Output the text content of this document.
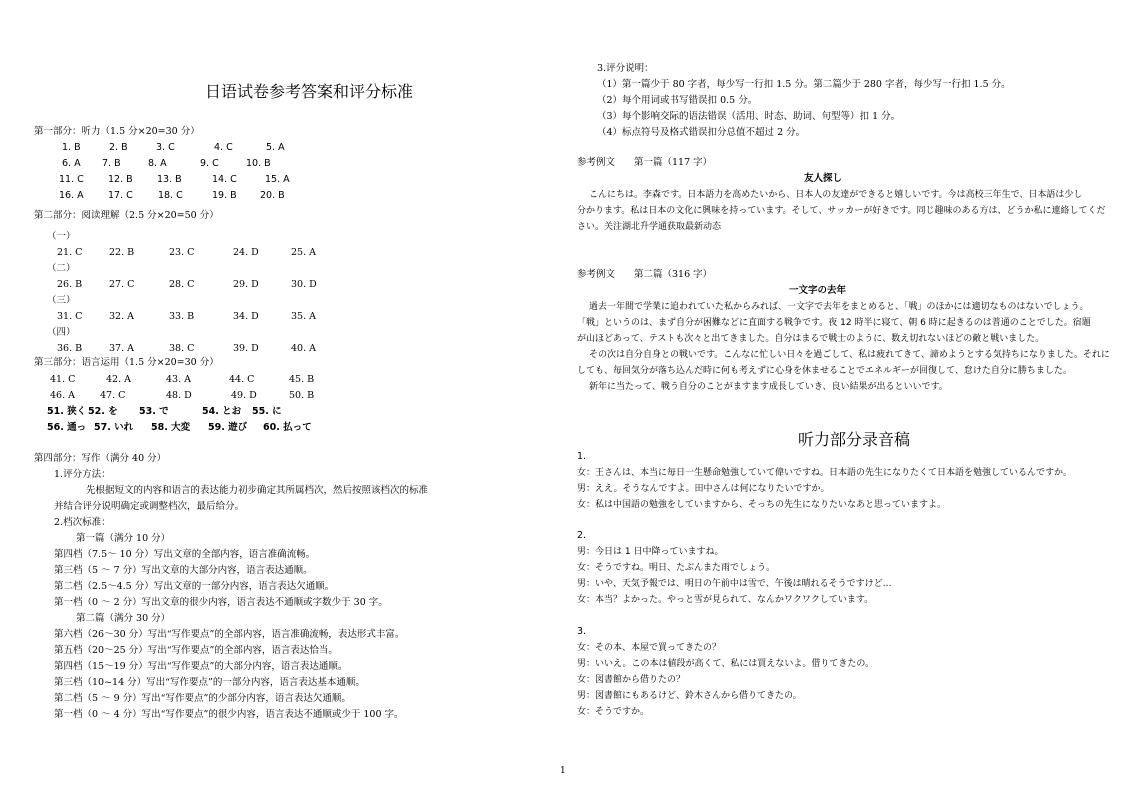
日语试卷参考答案和评分标准
第一部分：听力（1.5 分×20=30 分）
1. B	2. B	3. C	4. C	5. A
6. A 7. B	8. A	9. C	10. B
11. C	12. B	13. B	14. C	15. A
16. A	17. C	18. C	19. B 20. B
第二部分：阅读理解（2.5 分×20=50 分）
（一）
21. C	22. B	23. C	24. D	25. A
（二）
26. B	27. C	28. C	29. D	30. D
（三）
31. C	32. A	33. B	34. D	35. A
（四）
36. B	37. A	38. C	39. D	40. A
第三部分：语言运用（1.5 分×20=30 分）
41. C	42. A	43. A	44. C	45. B
46. A	47. C	48. D	49. D	50. B
51. 狭く 52. を 53. で	54. とお 55. に
56. 通っ 57. いれ 58. 大変 59. 遊び 60. 払って
第四部分：写作（满分 40 分）
1.评分方法：
先根据短文的内容和语言的表达能力初步确定其所属档次，然后按照该档次的标准
并结合评分说明确定或调整档次，最后给分。
2.档次标准：
第一篇（满分 10 分）
第四档（7.5～ 10 分）写出文章的全部内容，语言准确流畅。
第三档（5 ～ 7 分）写出文章的大部分内容，语言表达通顺。
第二档（2.5～4.5 分）写出文章的一部分内容，语言表达欠通顺。
第一档（0 ～ 2 分）写出文章的很少内容，语言表达不通顺或字数少于 30 字。
第二篇（满分 30 分）
第六档（26～30 分）写出“写作要点”的全部内容，语言准确流畅，表达形式丰富。
第五档（20～25 分）写出“写作要点”的全部内容，语言表达恰当。
第四档（15～19 分）写出“写作要点”的大部分内容，语言表达通顺。
第三档（10~14 分）写出“写作要点”的一部分内容，语言表达基本通顺。
第二档（5 ～ 9 分）写出“写作要点”的少部分内容，语言表达欠通顺。
第一档（0 ～ 4 分）写出“写作要点”的很少内容，语言表达不通顺或少于 100 字。
3.评分说明：
（1）第一篇少于 80 字者，每少写一行扣 1.5 分。第二篇少于 280 字者，每少写一行扣 1.5 分。
（2）每个用词或书写错误扣 0.5 分。
（3）每个影响交际的语法错误（活用、时态、助词、句型等）扣 1 分。
（4）标点符号及格式错误扣分总值不超过 2 分。
参考例文　　第一篇（117 字）
友人探し
こんにちは。李森です。日本語力を高めたいから、日本人の友達ができると嬉しいです。今は高校三年生で、日本語は少し
分かります。私は日本の文化に興味を持っています。そして、サッカーが好きです。同じ趣味のある方は、どうか私に連絡してくだ
さい。关注湖北升学通获取最新动态
参考例文　　第二篇（316 字）
一文字の去年
過去一年間で学業に追われていた私からみれば、一文字で去年をまとめると、「戦」のほかには適切なものはないでしょう。
「戦」というのは、まず自分が困難などに直面する戦争です。夜 12 時半に寝て、朝 6 時に起きるのは普通のことでした。宿題
が山ほどあって、テストも次々と出てきました。自分はまるで戦士のように、数え切れないほどの敵と戦いました。
その次は自分自身との戦いです。こんなに忙しい日々を過ごして、私は疲れてきて、諦めようとする気持ちになりました。それに
しても、毎回気分が落ち込んだ時に何も考えずに心身を休ませることでエネルギーが回復して、怠けた自分に勝ちました。
新年に当たって、戦う自分のことがますます成長していき、良い結果が出るといいです。
听力部分录音稿
1.
女：王さんは、本当に毎日一生懸命勉強していて偉いですね。日本語の先生になりたくて日本語を勉強しているんですか。
男：ええ。そうなんですよ。田中さんは何になりたいですか。
女：私は中国語の勉強をしていますから、そっちの先生になりたいなあと思っていますよ。
2.
男：今日は 1 日中降っていますね。
女：そうですね。明日、たぶんまた雨でしょう。
男：いや、天気予報では、明日の午前中は雪で、午後は晴れるそうですけど…
女：本当？よかった。やっと雪が見られて、なんかワクワクしています。
3.
女：その本、本屋で買ってきたの？
男：いいえ。この本は値段が高くて、私には買えないよ。借りてきたの。
女：図書館から借りたの？
男：図書館にもあるけど、鈴木さんから借りてきたの。
女：そうですか。
1
